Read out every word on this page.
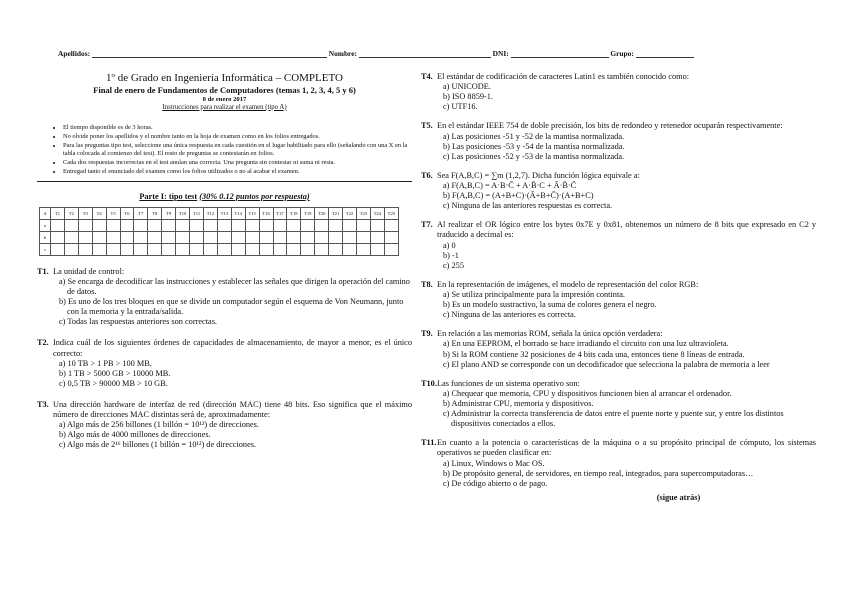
Apellidos:	Nombre:	DNI:	Grupo:
1º de Grado en Ingeniería Informática – COMPLETO
Final de enero de Fundamentos de Computadores (temas 1, 2, 3, 4, 5 y 6)
8 de enero 2017
Instrucciones para realizar el examen (tipo A)
• El tiempo disponible es de 3 horas.
• No olvide poner los apellidos y el nombre tanto en la hoja de examen como en los folios entregados.
• Para las preguntas tipo test, seleccione una única respuesta en cada cuestión en el lugar habilitado para ello (señalando con una X en la tabla colocada al comienzo del test). El resto de preguntas se contestarán en folios.
• Cada dos respuestas incorrectas en el test anulan una correcta. Una pregunta sin contestar ni suma ni resta.
• Entregad tanto el enunciado del examen como los folios utilizados o no al acabar el examen.
Parte I: tipo test (30% 0.12 puntos por respuesta)
A	T1	T2	T3	T4	T5	T6	T7	T8	T9	T10	T11	T12	T13	T14	T15	T16	T17	T18	T19	T20	T21	T22	T23	T24	T25
a																									
b																									
c																									
T1. La unidad de control:
a) Se encarga de decodificar las instrucciones y establecer las señales que dirigen la operación del camino de datos.
b) Es uno de los tres bloques en que se divide un computador según el esquema de Von Neumann, junto con la memoria y la entrada/salida.
c) Todas las respuestas anteriores son correctas.
T2. Indica cuál de los siguientes órdenes de capacidades de almacenamiento, de mayor a menor, es el único correcto:
a) 10 TB > 1 PB > 100 MB.
b) 1 TB > 5000 GB > 10000 MB.
c) 0,5 TB > 90000 MB > 10 GB.
T3. Una dirección hardware de interfaz de red (dirección MAC) tiene 48 bits. Eso significa que el máximo número de direcciones MAC distintas será de, aproximadamente:
a) Algo más de 256 billones (1 billón = 10¹²) de direcciones.
b) Algo más de 4000 millones de direcciones.
c) Algo más de 2¹⁶ billones (1 billón = 10¹²) de direcciones.
T4. El estándar de codificación de caracteres Latin1 es también conocido como:
a) UNICODE.
b) ISO 8859-1.
c) UTF16.
T5. En el estándar IEEE 754 de doble precisión, los bits de redondeo y retenedor ocuparán respectivamente:
a) Las posiciones -51 y -52 de la mantisa normalizada.
b) Las posiciones -53 y -54 de la mantisa normalizada.
c) Las posiciones -52 y -53 de la mantisa normalizada.
T6. Sea F(A,B,C) = ∑m (1,2,7). Dicha función lógica equivale a:
a) F(A,B,C) = A·B·C̄ + A·B̄·C + Ā·B̄·C̄
b) F(A,B,C) = (A+B+C)·(Ā+B+C̄)·(A+B+C)
c) Ninguna de las anteriores respuestas es correcta.
T7. Al realizar el OR lógico entre los bytes 0x7E y 0x81, obtenemos un número de 8 bits que expresado en C2 y traducido a decimal es:
a) 0
b) -1
c) 255
T8. En la representación de imágenes, el modelo de representación del color RGB:
a) Se utiliza principalmente para la impresión continta.
b) Es un modelo sustractivo, la suma de colores genera el negro.
c) Ninguna de las anteriores es correcta.
T9. En relación a las memorias ROM, señala la única opción verdadera:
a) En una EEPROM, el borrado se hace irradiando el circuito con una luz ultravioleta.
b) Si la ROM contiene 32 posiciones de 4 bits cada una, entonces tiene 8 líneas de entrada.
c) El plano AND se corresponde con un decodificador que selecciona la palabra de memoria a leer
T10. Las funciones de un sistema operativo son:
a) Chequear que memoria, CPU y dispositivos funcionen bien al arrancar el ordenador.
b) Administrar CPU, memoria y dispositivos.
c) Administrar la correcta transferencia de datos entre el puente norte y puente sur, y entre los distintos dispositivos conectados a ellos.
T11. En cuanto a la potencia o características de la máquina o a su propósito principal de cómputo, los sistemas operativos se pueden clasificar en:
a) Linux, Windows o Mac OS.
b) De propósito general, de servidores, en tiempo real, integrados, para supercomputadoras…
c) De código abierto o de pago.
(sigue atrás)
